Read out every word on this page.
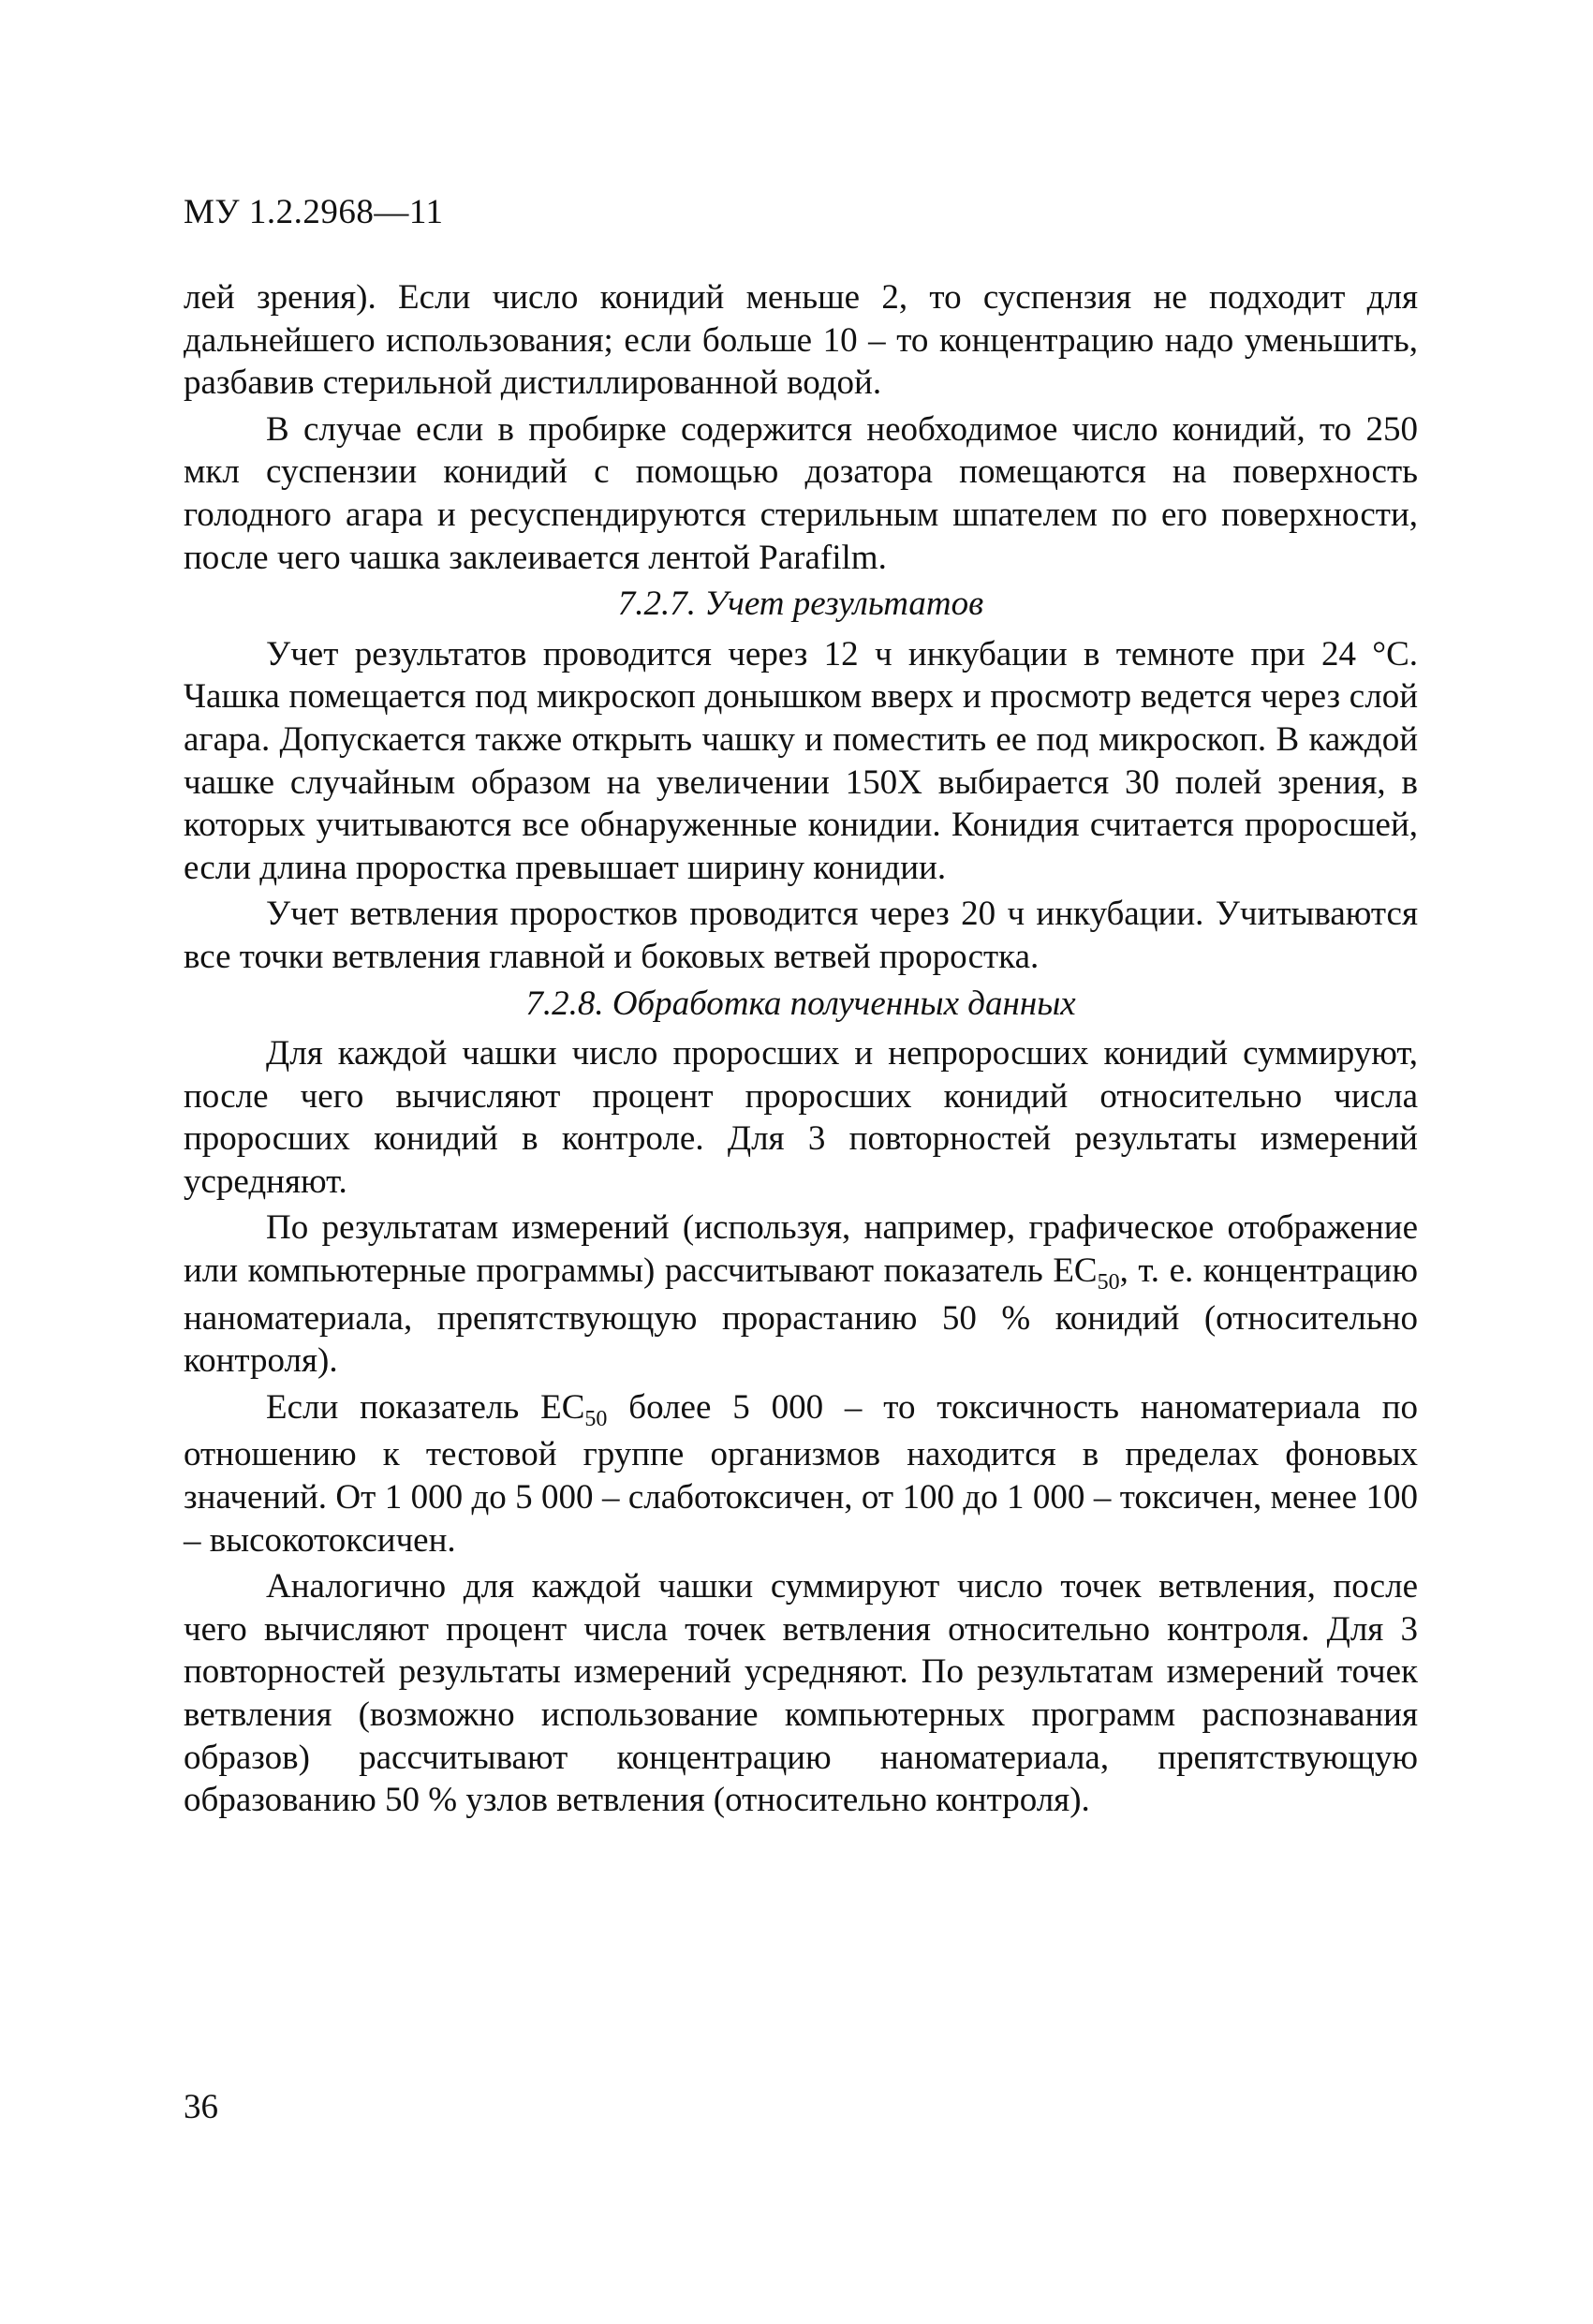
МУ 1.2.2968—11

лей зрения). Если число конидий меньше 2, то суспензия не подходит для дальнейшего использования; если больше 10 – то концентрацию надо уменьшить, разбавив стерильной дистиллированной водой.

В случае если в пробирке содержится необходимое число конидий, то 250 мкл суспензии конидий с помощью дозатора помещаются на поверхность голодного агара и ресуспендируются стерильным шпателем по его поверхности, после чего чашка заклеивается лентой Parafilm.

7.2.7. Учет результатов

Учет результатов проводится через 12 ч инкубации в темноте при 24 °С. Чашка помещается под микроскоп донышком вверх и просмотр ведется через слой агара. Допускается также открыть чашку и поместить ее под микроскоп. В каждой чашке случайным образом на увеличении 150Х выбирается 30 полей зрения, в которых учитываются все обнаруженные конидии. Конидия считается проросшей, если длина проростка превышает ширину конидии.

Учет ветвления проростков проводится через 20 ч инкубации. Учитываются все точки ветвления главной и боковых ветвей проростка.

7.2.8. Обработка полученных данных

Для каждой чашки число проросших и непроросших конидий суммируют, после чего вычисляют процент проросших конидий относительно числа проросших конидий в контроле. Для 3 повторностей результаты измерений усредняют.

По результатам измерений (используя, например, графическое отображение или компьютерные программы) рассчитывают показатель $ЕС_{50}$, т. е. концентрацию наноматериала, препятствующую прорастанию 50 % конидий (относительно контроля).

Если показатель $ЕС_{50}$ более 5 000 – то токсичность наноматериала по отношению к тестовой группе организмов находится в пределах фоновых значений. От 1 000 до 5 000 – слаботоксичен, от 100 до 1 000 – токсичен, менее 100 – высокотоксичен.

Аналогично для каждой чашки суммируют число точек ветвления, после чего вычисляют процент числа точек ветвления относительно контроля. Для 3 повторностей результаты измерений усредняют. По результатам измерений точек ветвления (возможно использование компьютерных программ распознавания образов) рассчитывают концентрацию наноматериала, препятствующую образованию 50 % узлов ветвления (относительно контроля).

36
